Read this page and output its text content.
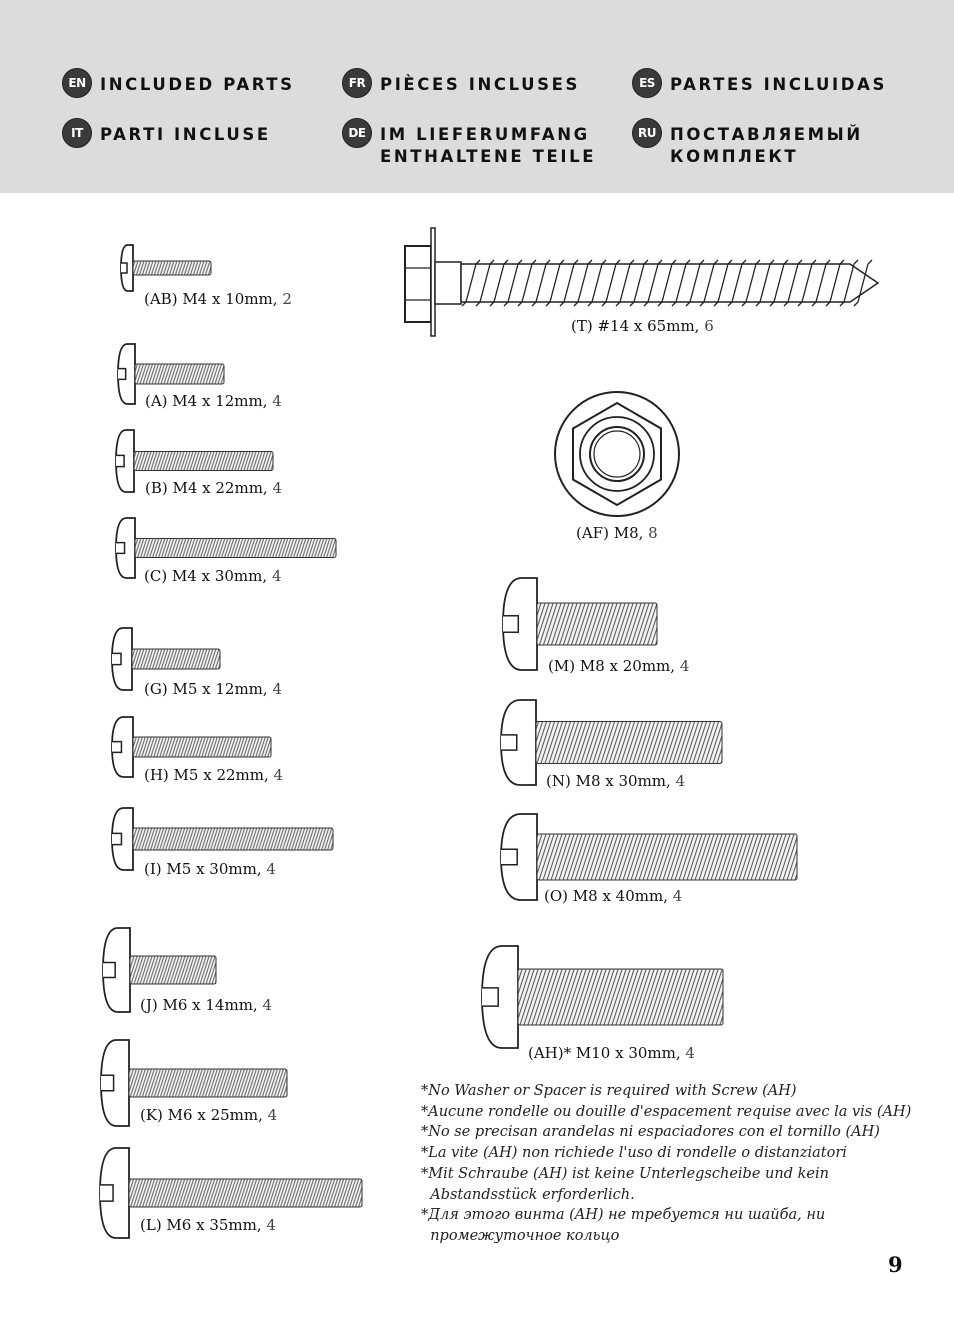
EN INCLUDED PARTS	FR PIÈCES INCLUSES	ES PARTES INCLUIDAS
IT	PARTI INCLUSE	DE IM LIEFERUMFANG
ENTHALTENE TEILE
RU ПОСТАВЛЯЕМЫЙ
КОМПЛЕКТ
(AB) M4 x 10mm, 2
(A) M4 x 12mm, 4
(B) M4 x 22mm, 4
(C) M4 x 30mm, 4
(G) M5 x 12mm, 4
(H) M5 x 22mm, 4
(I) M5 x 30mm, 4
(J) M6 x 14mm, 4
(K) M6 x 25mm, 4
(L) M6 x 35mm, 4
(T) #14 x 65mm, 6
(AF) M8, 8
(M) M8 x 20mm, 4
(N) M8 x 30mm, 4
(O) M8 x 40mm, 4
(AH)* M10 x 30mm, 4
*No Washer or Spacer is required with Screw (AH)
*Aucune rondelle ou douille d'espacement requise avec la vis (AH)
*No se precisan arandelas ni espaciadores con el tornillo (AH)
*La vite (AH) non richiede l'uso di rondelle o distanziatori
*Mit Schraube (AH) ist keine Unterlegscheibe und kein
Abstandsstück erforderlich.
*Для этого винта (AH) не требуется ни шайба, ни
промежуточное кольцо
9
